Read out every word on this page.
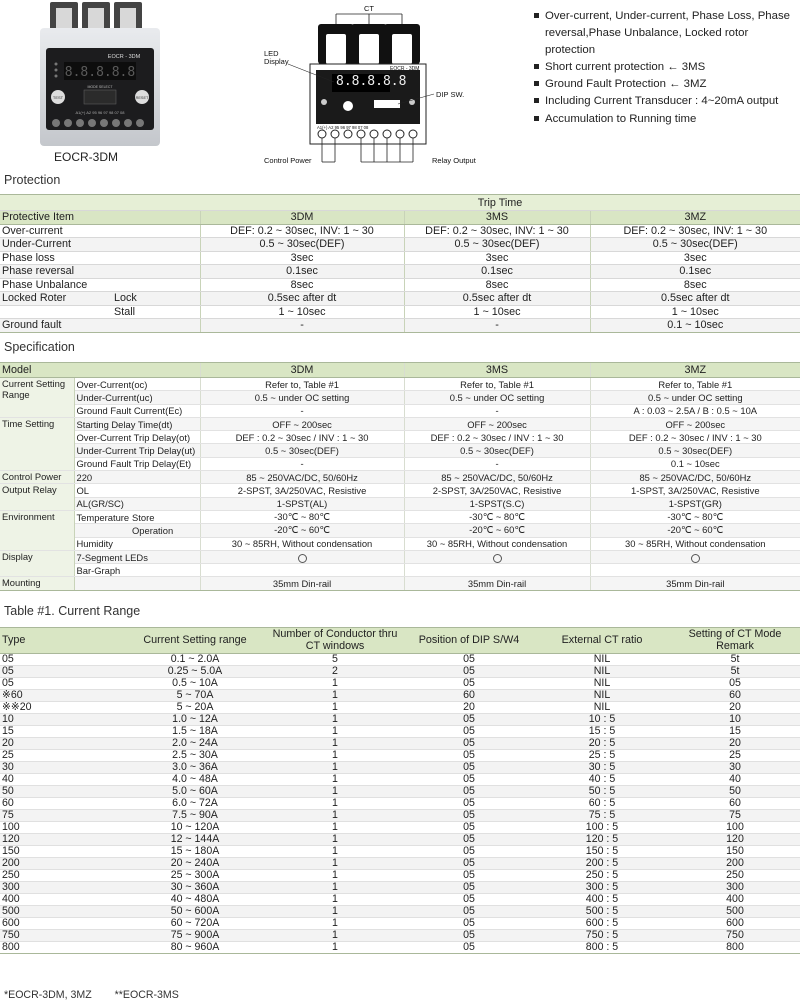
EOCR - 3DM
8.8.8.8.8
TEST
MODE SELECT
RESET
A1(+) A2 95 96 97 98 07 08
EOCR-3DM
CT
LED Display
DIP SW.
EOCR - 3DM
8.8.8.8.8
A1(+) A2 95 96 97 98 07 08
Control Power	Relay Output
Over-current, Under-current, Phase Loss, Phase reversal,Phase Unbalance, Locked rotor protection
Short current protection ← 3MS
Ground Fault Protection ← 3MZ
Including Current Transducer : 4~20mA output
Accumulation to Running time
Protection
		Trip Time		
Protective Item		3DM	3MS	3MZ
Over-current		DEF: 0.2 ~ 30sec, INV: 1 ~ 30	DEF: 0.2 ~ 30sec, INV: 1 ~ 30	DEF: 0.2 ~ 30sec, INV: 1 ~ 30
Under-Current		0.5 ~ 30sec(DEF)	0.5 ~ 30sec(DEF)	0.5 ~ 30sec(DEF)
Phase loss		3sec	3sec	3sec
Phase reversal		0.1sec	0.1sec	0.1sec
Phase Unbalance		8sec	8sec	8sec
Locked Roter	Lock	0.5sec after dt	0.5sec after dt	0.5sec after dt
	Stall	1 ~ 10sec	1 ~ 10sec	1 ~ 10sec
Ground fault		-	-	0.1 ~ 10sec
Specification
Model			3DM	3MS	3MZ
Current Setting Range	Over-Current(oc)		Refer to, Table #1	Refer to, Table #1	Refer to, Table #1
	Under-Current(uc)		0.5 ~ under OC setting	0.5 ~ under OC setting	0.5 ~ under OC setting
	Ground Fault Current(Ec)		-	-	A : 0.03 ~ 2.5A / B : 0.5 ~ 10A
Time Setting	Starting Delay Time(dt)		OFF ~ 200sec	OFF ~ 200sec	OFF ~ 200sec
	Over-Current Trip Delay(ot)		DEF : 0.2 ~ 30sec / INV : 1 ~ 30	DEF : 0.2 ~ 30sec / INV : 1 ~ 30	DEF : 0.2 ~ 30sec / INV : 1 ~ 30
	Under-Current Trip Delay(ut)		0.5 ~ 30sec(DEF)	0.5 ~ 30sec(DEF)	0.5 ~ 30sec(DEF)
	Ground Fault Trip Delay(Et)		-	-	0.1 ~ 10sec
Control Power	220		85 ~ 250VAC/DC, 50/60Hz	85 ~ 250VAC/DC, 50/60Hz	85 ~ 250VAC/DC, 50/60Hz
Output Relay	OL		2-SPST, 3A/250VAC, Resistive	2-SPST, 3A/250VAC, Resistive	1-SPST, 3A/250VAC, Resistive
	AL(GR/SC)		1-SPST(AL)	1-SPST(S.C)	1-SPST(GR)
Environment	Temperature	Store	-30℃ ~ 80℃	-30℃ ~ 80℃	-30℃ ~ 80℃
		Operation	-20℃ ~ 60℃	-20℃ ~ 60℃	-20℃ ~ 60℃
	Humidity		30 ~ 85RH, Without condensation	30 ~ 85RH, Without condensation	30 ~ 85RH, Without condensation
Display	7-Segment LEDs				
	Bar-Graph				
Mounting			35mm Din-rail	35mm Din-rail	35mm Din-rail
Table #1. Current Range
Type	Current Setting range	Number of Conductor thru CT windows	Position of DIP S/W4	External CT ratio	Setting of CT Mode Remark
05	0.1 ~ 2.0A	5	05	NIL	5t
05	0.25 ~ 5.0A	2	05	NIL	5t
05	0.5 ~ 10A	1	05	NIL	05
※60	5 ~ 70A	1	60	NIL	60
※※20	5 ~ 20A	1	20	NIL	20
10	1.0 ~ 12A	1	05	10 : 5	10
15	1.5 ~ 18A	1	05	15 : 5	15
20	2.0 ~ 24A	1	05	20 : 5	20
25	2.5 ~ 30A	1	05	25 : 5	25
30	3.0 ~ 36A	1	05	30 : 5	30
40	4.0 ~ 48A	1	05	40 : 5	40
50	5.0 ~ 60A	1	05	50 : 5	50
60	6.0 ~ 72A	1	05	60 : 5	60
75	7.5 ~ 90A	1	05	75 : 5	75
100	10 ~ 120A	1	05	100 : 5	100
120	12 ~ 144A	1	05	120 : 5	120
150	15 ~ 180A	1	05	150 : 5	150
200	20 ~ 240A	1	05	200 : 5	200
250	25 ~ 300A	1	05	250 : 5	250
300	30 ~ 360A	1	05	300 : 5	300
400	40 ~ 480A	1	05	400 : 5	400
500	50 ~ 600A	1	05	500 : 5	500
600	60 ~ 720A	1	05	600 : 5	600
750	75 ~ 900A	1	05	750 : 5	750
800	80 ~ 960A	1	05	800 : 5	800
*EOCR-3DM, 3MZ **EOCR-3MS
